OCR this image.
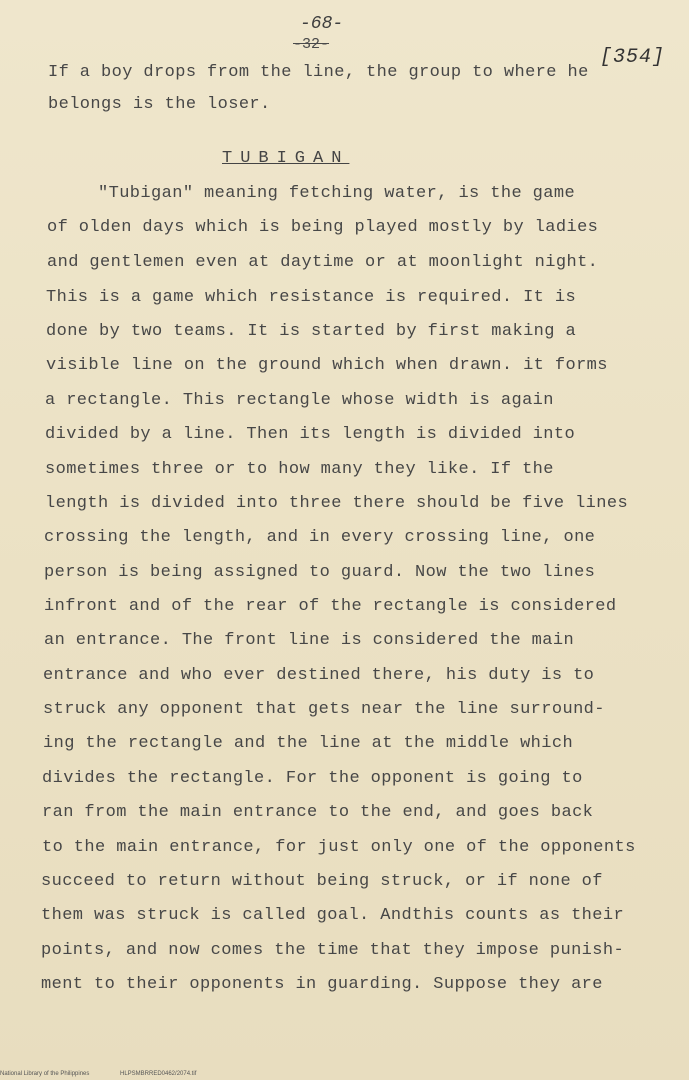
-68-
-32-
[354]
If a boy drops from the line, the group to where he
belongs is the loser.
TUBIGAN
"Tubigan" meaning fetching water, is the game
of olden days which is being played mostly by ladies
and gentlemen even at daytime or at moonlight night.
This is a game which resistance is required. It is
done by two teams. It is started by first making a
visible line on the ground which when drawn. it forms
a rectangle. This rectangle whose width is again
divided by a line. Then its length is divided into
sometimes three or to how many they like. If the
length is divided into three there should be five lines
crossing the length, and in every crossing line, one
person is being assigned to guard. Now the two lines
infront and of the rear of the rectangle is considered
an entrance. The front line is considered the main
entrance and who ever destined there, his duty is to
struck any opponent that gets near the line surround-
ing the rectangle and the line at the middle which
divides the rectangle. For the opponent is going to
ran from the main entrance to the end, and goes back
to the main entrance, for just only one of the opponents
succeed to return without being struck, or if none of
them was struck is called goal. Andthis counts as their
points, and now comes the time that they impose punish-
ment to their opponents in guarding. Suppose they are
National Library of the Philippines	HLPSMBRRED0462/2074.tif
